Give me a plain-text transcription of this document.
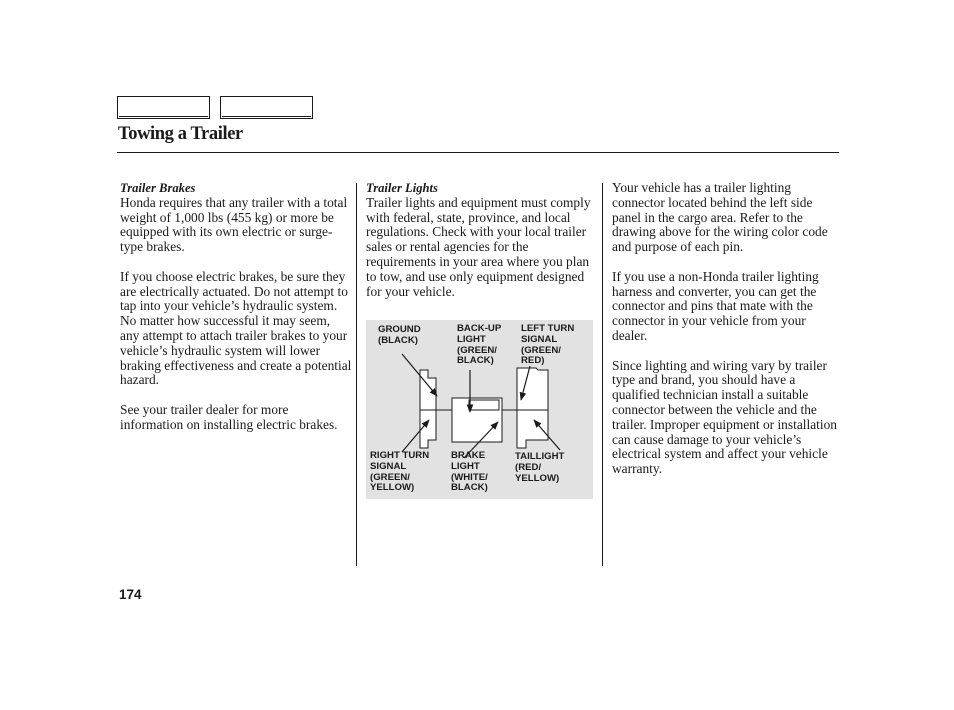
Towing a Trailer

Trailer Brakes
Honda requires that any trailer with a total weight of 1,000 lbs (455 kg) or more be equipped with its own electric or surge-type brakes.

If you choose electric brakes, be sure they are electrically actuated. Do not attempt to tap into your vehicle’s hydraulic system. No matter how successful it may seem, any attempt to attach trailer brakes to your vehicle’s hydraulic system will lower braking effectiveness and create a potential hazard.

See your trailer dealer for more information on installing electric brakes.

Trailer Lights
Trailer lights and equipment must comply with federal, state, province, and local regulations. Check with your local trailer sales or rental agencies for the requirements in your area where you plan to tow, and use only equipment designed for your vehicle.

GROUND
(BLACK)
BACK-UP
LIGHT
(GREEN/
BLACK)
LEFT TURN
SIGNAL
(GREEN/
RED)
RIGHT TURN
SIGNAL
(GREEN/
YELLOW)
BRAKE
LIGHT
(WHITE/
BLACK)
TAILLIGHT
(RED/
YELLOW)

Your vehicle has a trailer lighting connector located behind the left side panel in the cargo area. Refer to the drawing above for the wiring color code and purpose of each pin.

If you use a non-Honda trailer lighting harness and converter, you can get the connector and pins that mate with the connector in your vehicle from your dealer.

Since lighting and wiring vary by trailer type and brand, you should have a qualified technician install a suitable connector between the vehicle and the trailer. Improper equipment or installation can cause damage to your vehicle’s electrical system and affect your vehicle warranty.

174
